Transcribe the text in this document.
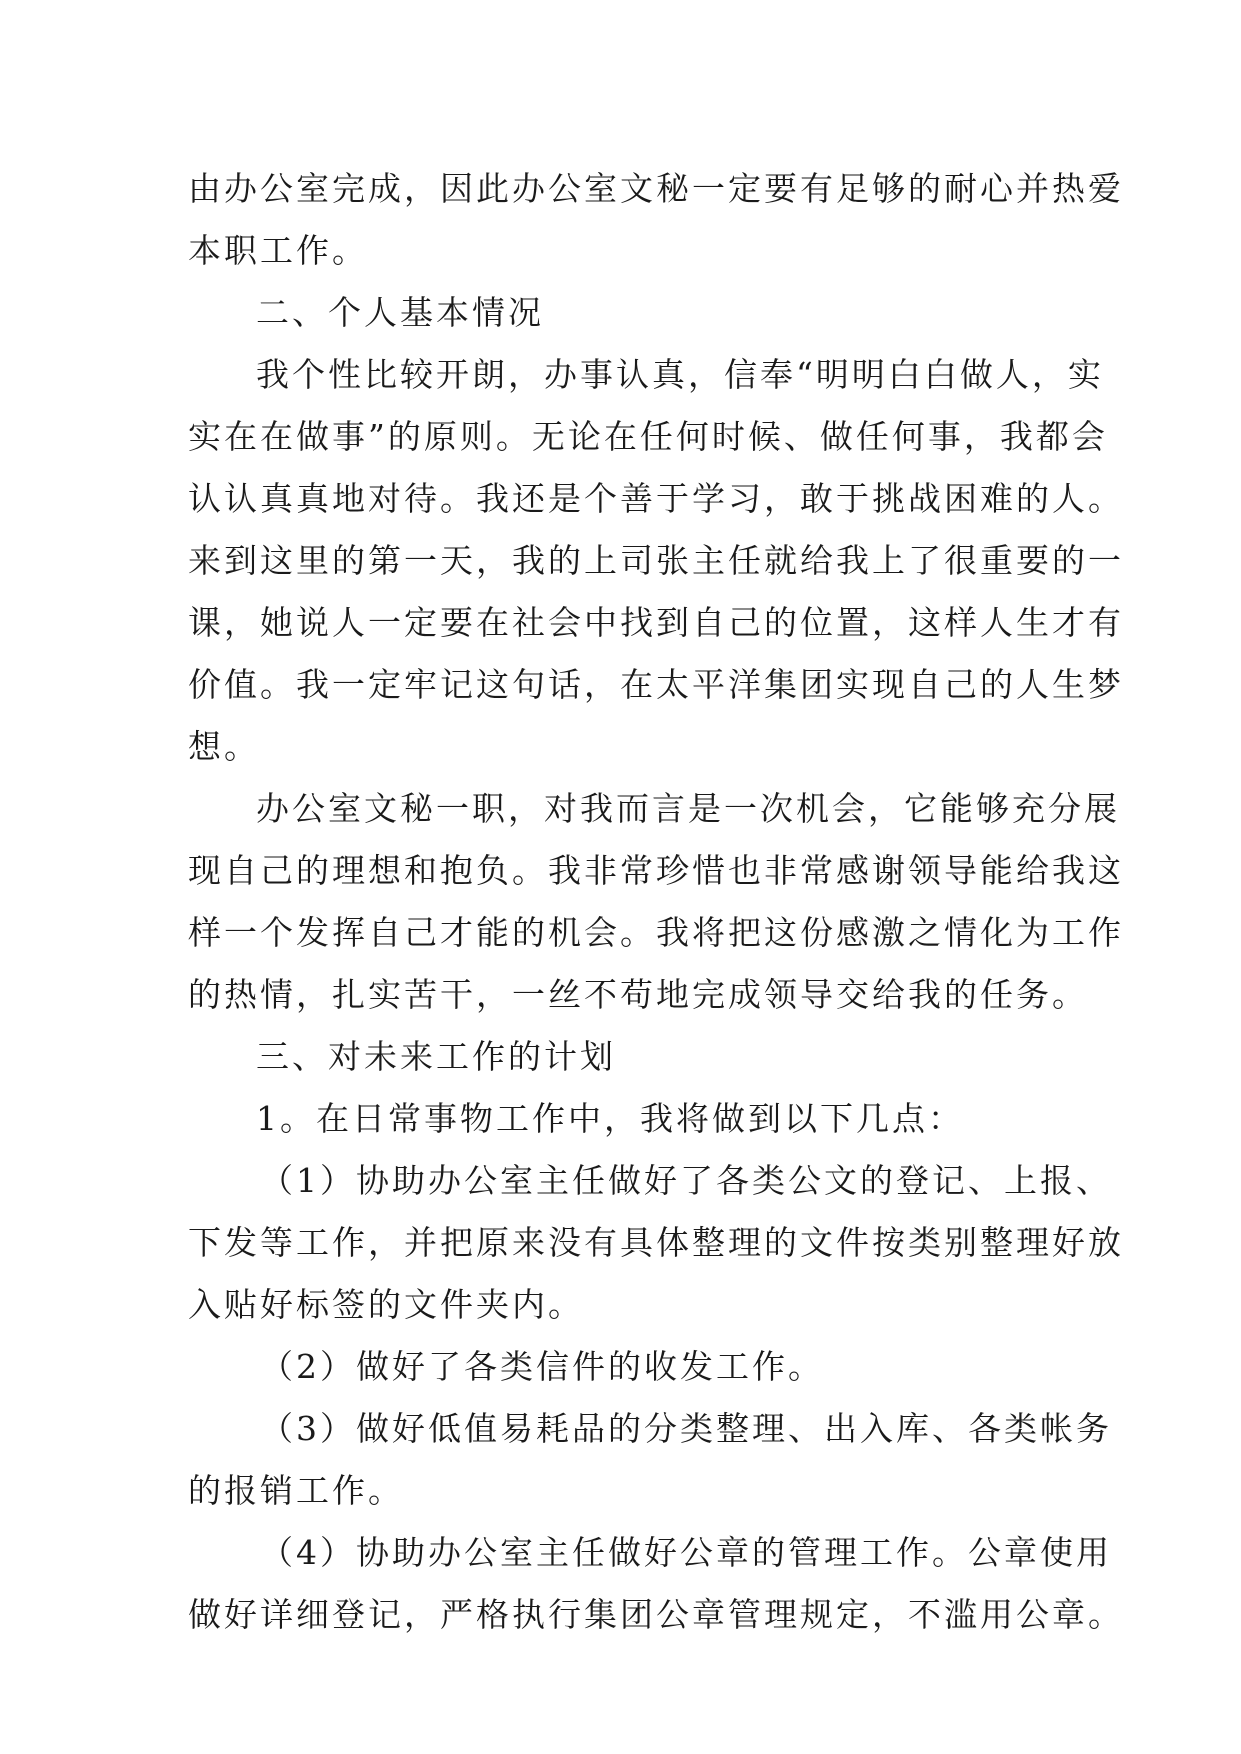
由办公室完成，因此办公室文秘一定要有足够的耐心并热爱
本职工作。
二、个人基本情况
我个性比较开朗，办事认真，信奉“明明白白做人，实
实在在做事”的原则。无论在任何时候、做任何事，我都会
认认真真地对待。我还是个善于学习，敢于挑战困难的人。
来到这里的第一天，我的上司张主任就给我上了很重要的一
课，她说人一定要在社会中找到自己的位置，这样人生才有
价值。我一定牢记这句话，在太平洋集团实现自己的人生梦
想。
办公室文秘一职，对我而言是一次机会，它能够充分展
现自己的理想和抱负。我非常珍惜也非常感谢领导能给我这
样一个发挥自己才能的机会。我将把这份感激之情化为工作
的热情，扎实苦干，一丝不苟地完成领导交给我的任务。
三、对未来工作的计划
1。在日常事物工作中，我将做到以下几点：
（1）协助办公室主任做好了各类公文的登记、上报、
下发等工作，并把原来没有具体整理的文件按类别整理好放
入贴好标签的文件夹内。
（2）做好了各类信件的收发工作。
（3）做好低值易耗品的分类整理、出入库、各类帐务
的报销工作。
（4）协助办公室主任做好公章的管理工作。公章使用
做好详细登记，严格执行集团公章管理规定，不滥用公章。
